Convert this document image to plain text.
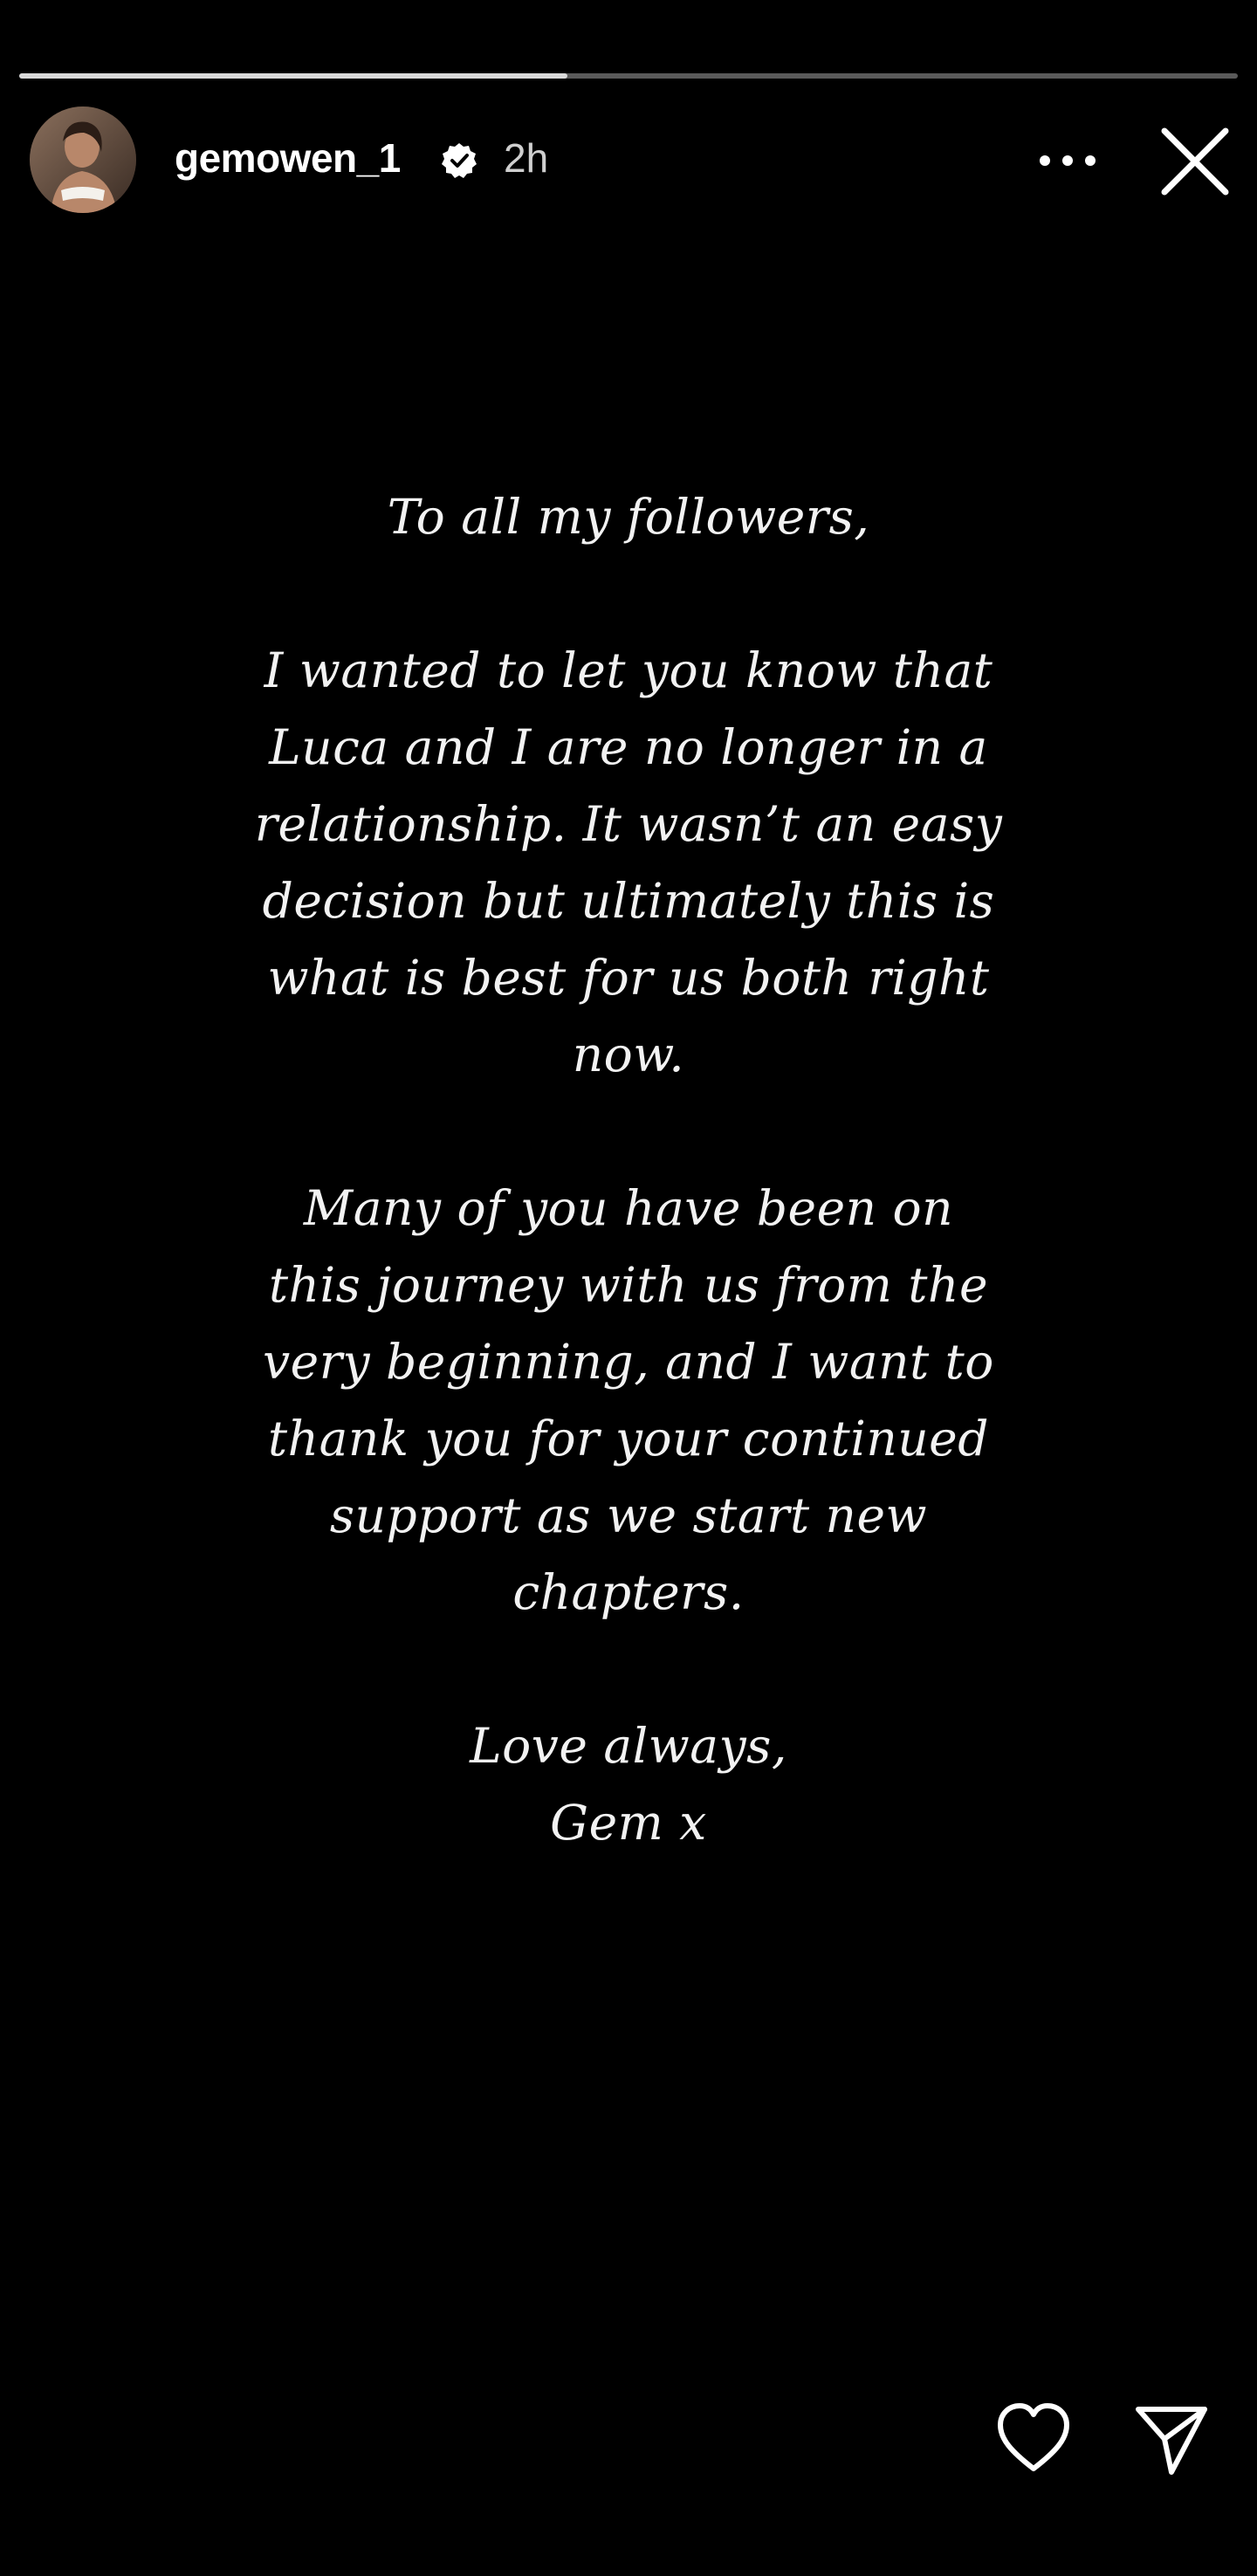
gemowen_1	2h

To all my followers,

I wanted to let you know that
Luca and I are no longer in a
relationship. It wasn’t an easy
decision but ultimately this is
what is best for us both right
now.

Many of you have been on
this journey with us from the
very beginning, and I want to
thank you for your continued
support as we start new
chapters.

Love always,

Gem x
